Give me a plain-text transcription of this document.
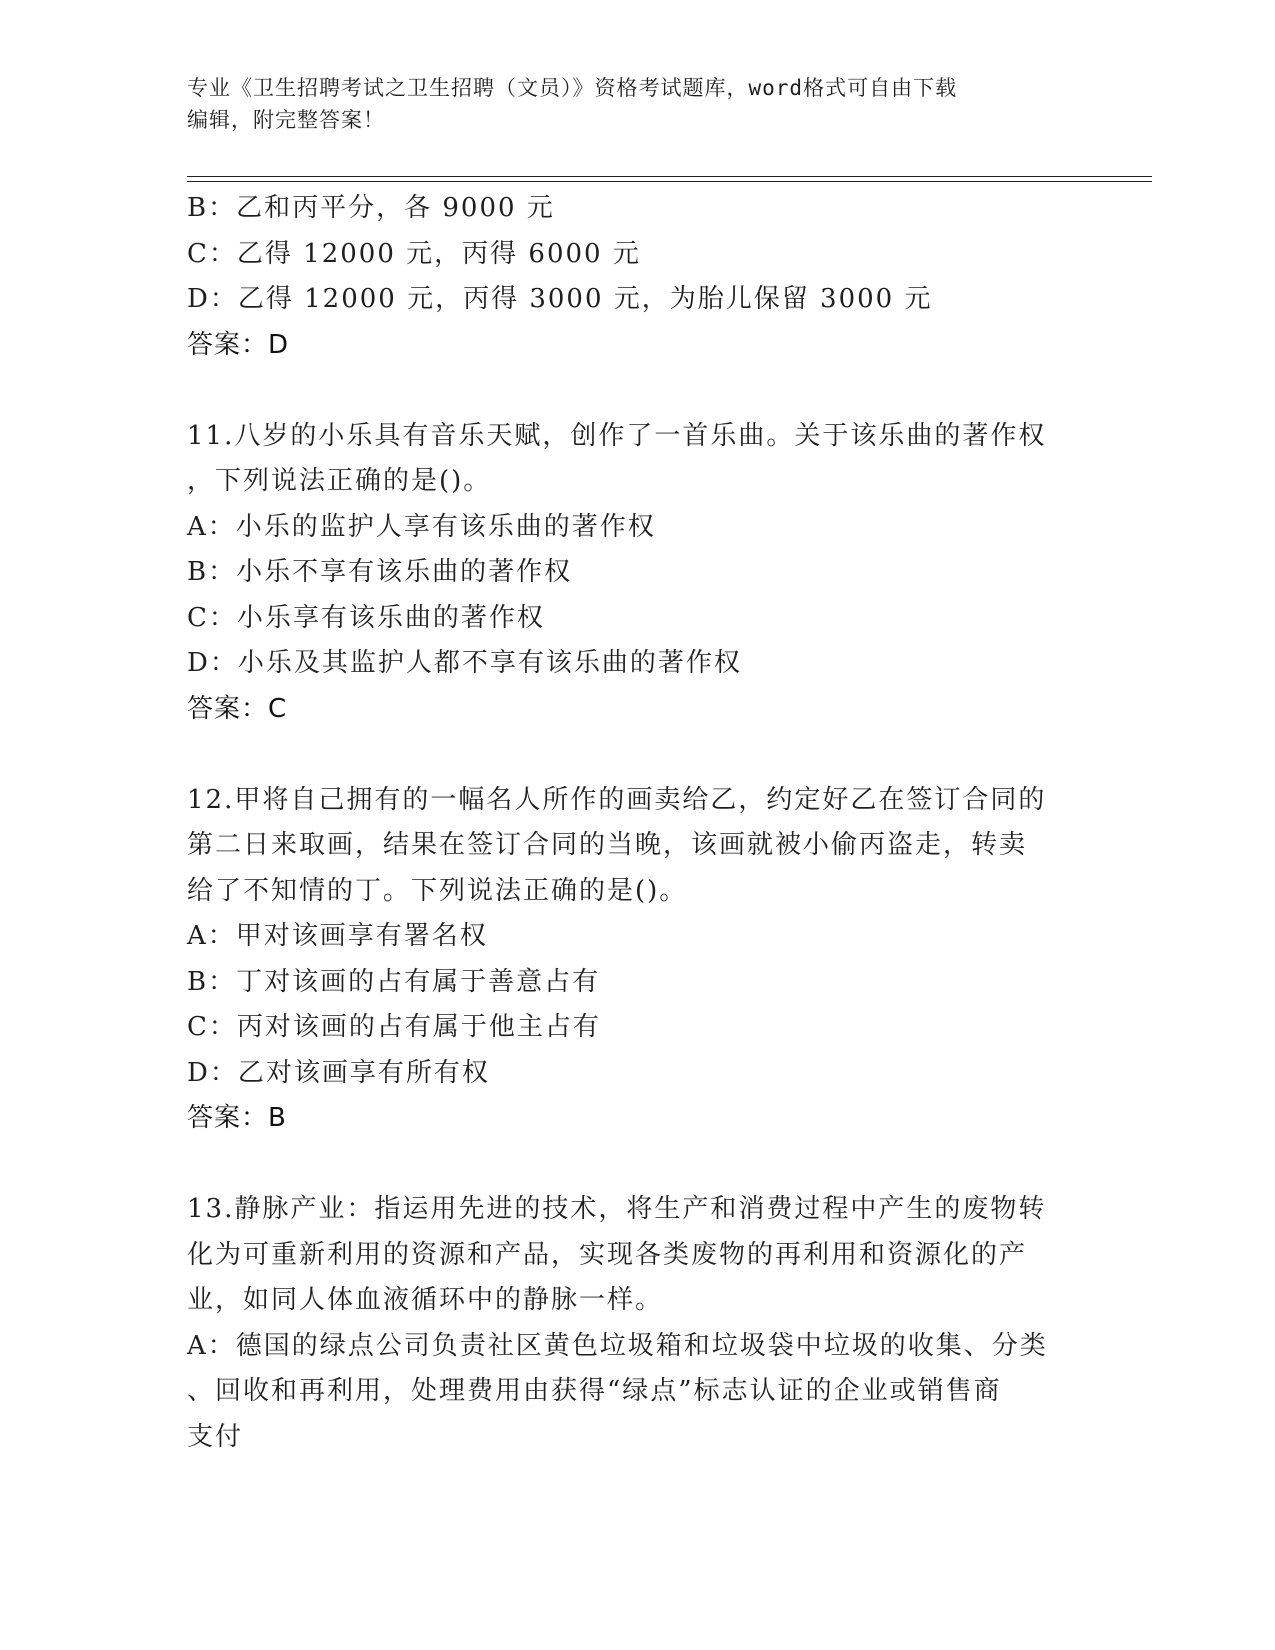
专业《卫生招聘考试之卫生招聘（文员）》资格考试题库，word格式可自由下载
编辑，附完整答案！
B：乙和丙平分，各 9000 元
C：乙得 12000 元，丙得 6000 元
D：乙得 12000 元，丙得 3000 元，为胎儿保留 3000 元
答案：D
11.八岁的小乐具有音乐天赋，创作了一首乐曲。关于该乐曲的著作权
，下列说法正确的是()。
A：小乐的监护人享有该乐曲的著作权
B：小乐不享有该乐曲的著作权
C：小乐享有该乐曲的著作权
D：小乐及其监护人都不享有该乐曲的著作权
答案：C
12.甲将自己拥有的一幅名人所作的画卖给乙，约定好乙在签订合同的
第二日来取画，结果在签订合同的当晚，该画就被小偷丙盗走，转卖
给了不知情的丁。下列说法正确的是()。
A：甲对该画享有署名权
B：丁对该画的占有属于善意占有
C：丙对该画的占有属于他主占有
D：乙对该画享有所有权
答案：B
13.静脉产业：指运用先进的技术，将生产和消费过程中产生的废物转
化为可重新利用的资源和产品，实现各类废物的再利用和资源化的产
业，如同人体血液循环中的静脉一样。
A：德国的绿点公司负责社区黄色垃圾箱和垃圾袋中垃圾的收集、分类
、回收和再利用，处理费用由获得“绿点”标志认证的企业或销售商
支付
